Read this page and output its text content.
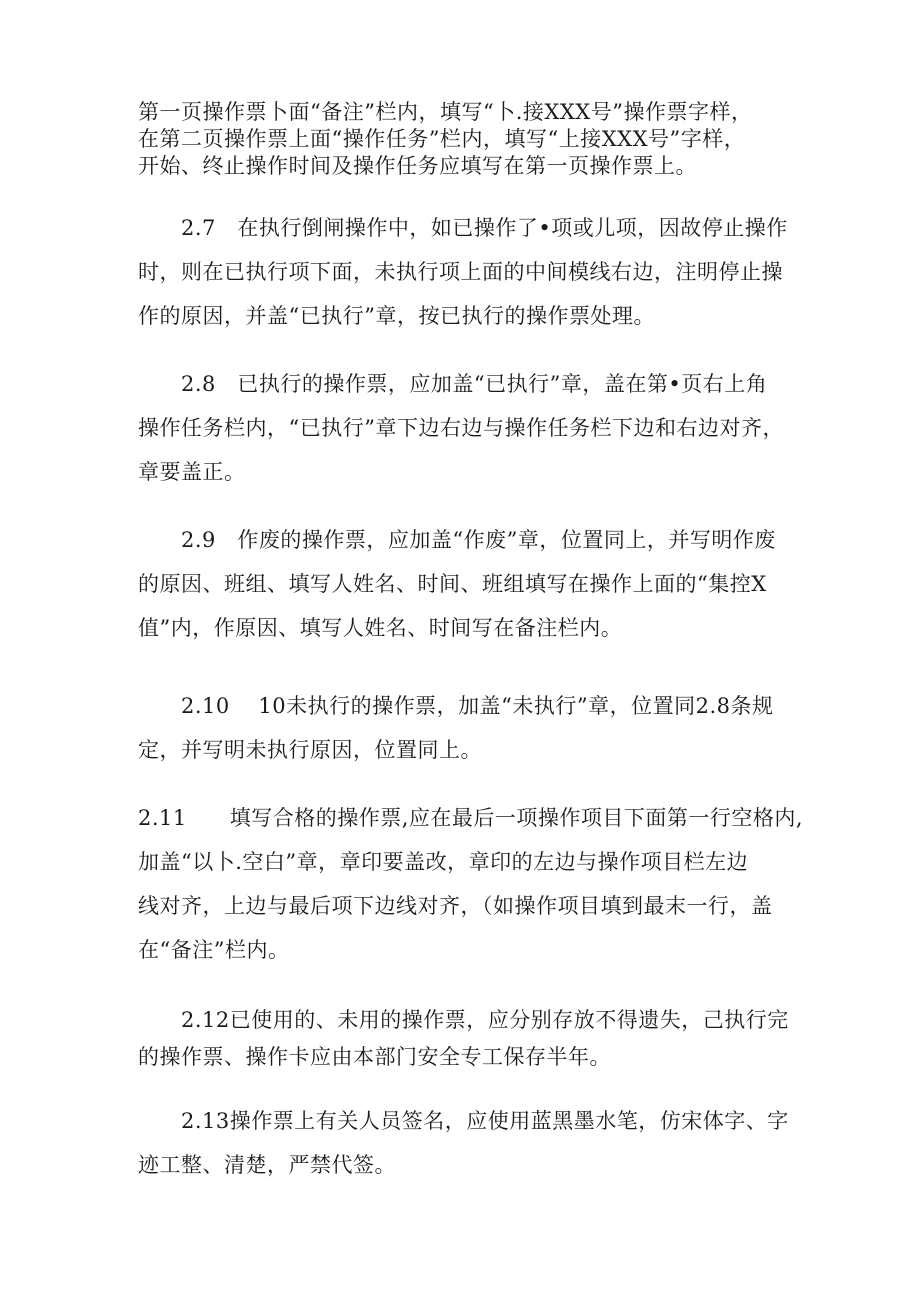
第一页操作票卜面“备注”栏内，填写“卜.接XXX号”操作票字样，
在第二页操作票上面“操作任务”栏内，填写“上接XXX号”字样，
开始、终止操作时间及操作任务应填写在第一页操作票上。

　　2.7　在执行倒闸操作中，如已操作了•项或儿项，因故停止操作
时，则在已执行项下面，未执行项上面的中间模线右边，注明停止操
作的原因，并盖“已执行”章，按已执行的操作票处理。

　　2.8　已执行的操作票，应加盖“已执行”章，盖在第•页右上角
操作任务栏内，“已执行”章下边右边与操作任务栏下边和右边对齐，
章要盖正。

　　2.9　作废的操作票，应加盖“作废”章，位置同上，并写明作废
的原因、班组、填写人姓名、时间、班组填写在操作上面的“集控X
值”内，作原因、填写人姓名、时间写在备注栏内。

　　2.10　 10未执行的操作票，加盖“未执行”章，位置同2.8条规
定，并写明未执行原因，位置同上。

2.11　　填写合格的操作票,应在最后一项操作项目下面第一行空格内,
加盖“以卜.空白”章，章印要盖改，章印的左边与操作项目栏左边
线对齐，上边与最后项下边线对齐，（如操作项目填到最末一行，盖
在“备注”栏内。

　　2.12已使用的、未用的操作票，应分别存放不得遗失，己执行完
的操作票、操作卡应由本部门安全专工保存半年。

　　2.13操作票上有关人员签名，应使用蓝黑墨水笔，仿宋体字、字
迹工整、清楚，严禁代签。
